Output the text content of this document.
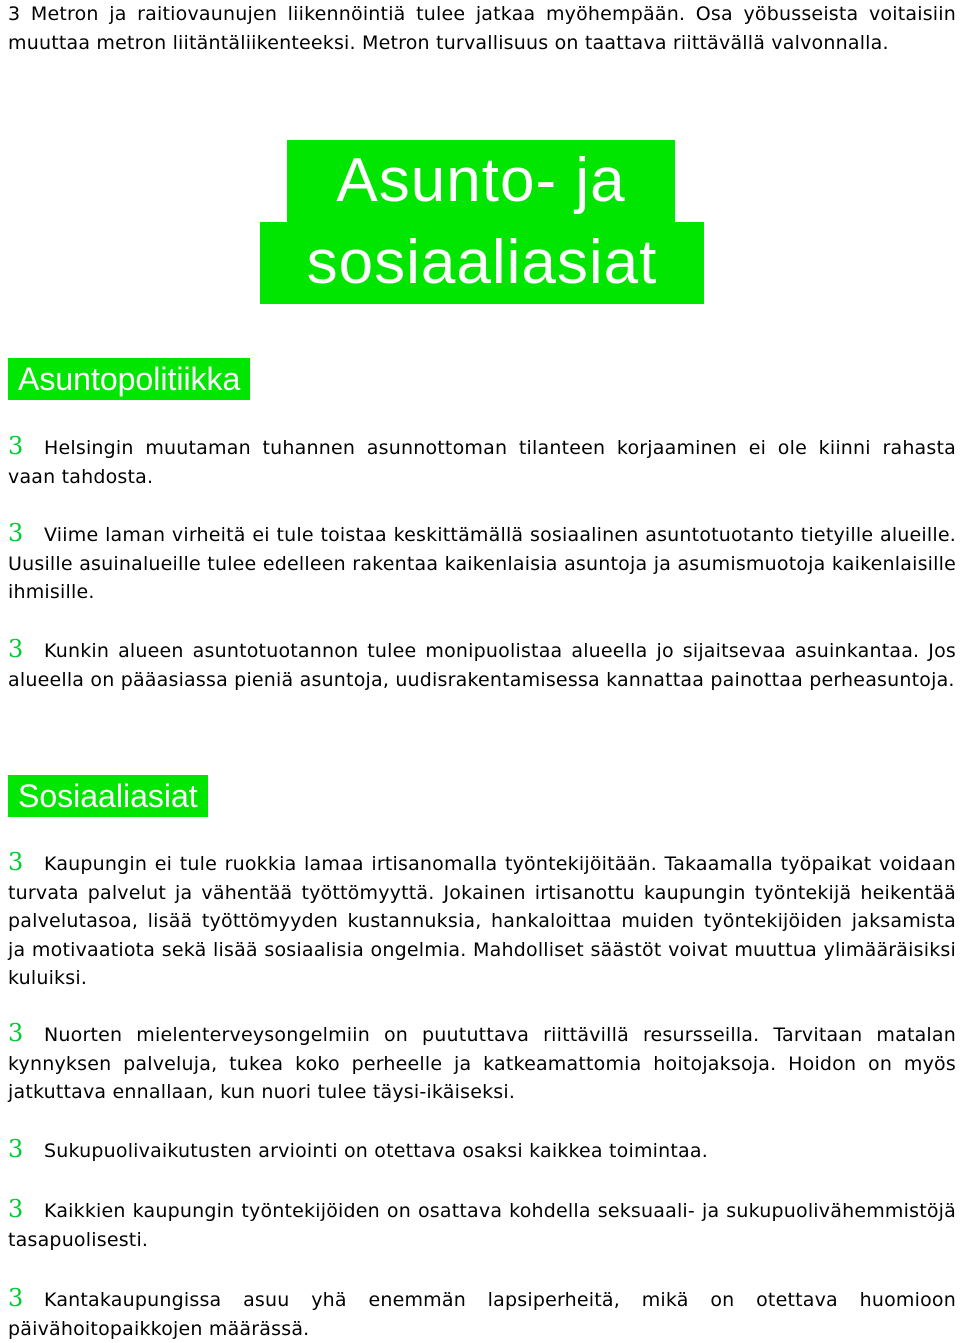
3 Metron ja raitiovaunujen liikennöintiä tulee jatkaa myöhempään. Osa yöbusseista voitaisiin muuttaa metron liitäntäliikenteeksi. Metron turvallisuus on taattava riittävällä valvonnalla.

Asunto- ja
sosiaaliasiat
Asuntopolitiikka

3 Helsingin muutaman tuhannen asunnottoman tilanteen korjaaminen ei ole kiinni rahasta vaan tahdosta.

3 Viime laman virheitä ei tule toistaa keskittämällä sosiaalinen asuntotuotanto tietyille alueille. Uusille asuinalueille tulee edelleen rakentaa kaikenlaisia asuntoja ja asumismuotoja kaikenlaisille ihmisille.

3 Kunkin alueen asuntotuotannon tulee monipuolistaa alueella jo sijaitsevaa asuinkantaa. Jos alueella on pääasiassa pieniä asuntoja, uudisrakentamisessa kannattaa painottaa perheasuntoja.

Sosiaaliasiat

3 Kaupungin ei tule ruokkia lamaa irtisanomalla työntekijöitään. Takaamalla työpaikat voidaan turvata palvelut ja vähentää työttömyyttä. Jokainen irtisanottu kaupungin työntekijä heikentää palvelutasoa, lisää työttömyyden kustannuksia, hankaloittaa muiden työntekijöiden jaksamista ja motivaatiota sekä lisää sosiaalisia ongelmia. Mahdolliset säästöt voivat muuttua ylimääräisiksi kuluiksi.

3 Nuorten mielenterveysongelmiin on puututtava riittävillä resursseilla. Tarvitaan matalan kynnyksen palveluja, tukea koko perheelle ja katkeamattomia hoitojaksoja. Hoidon on myös jatkuttava ennallaan, kun nuori tulee täysi-ikäiseksi.

3 Sukupuolivaikutusten arviointi on otettava osaksi kaikkea toimintaa.

3 Kaikkien kaupungin työntekijöiden on osattava kohdella seksuaali- ja sukupuolivähemmistöjä tasapuolisesti.

3 Kantakaupungissa asuu yhä enemmän lapsiperheitä, mikä on otettava huomioon päivähoitopaikkojen määrässä.
